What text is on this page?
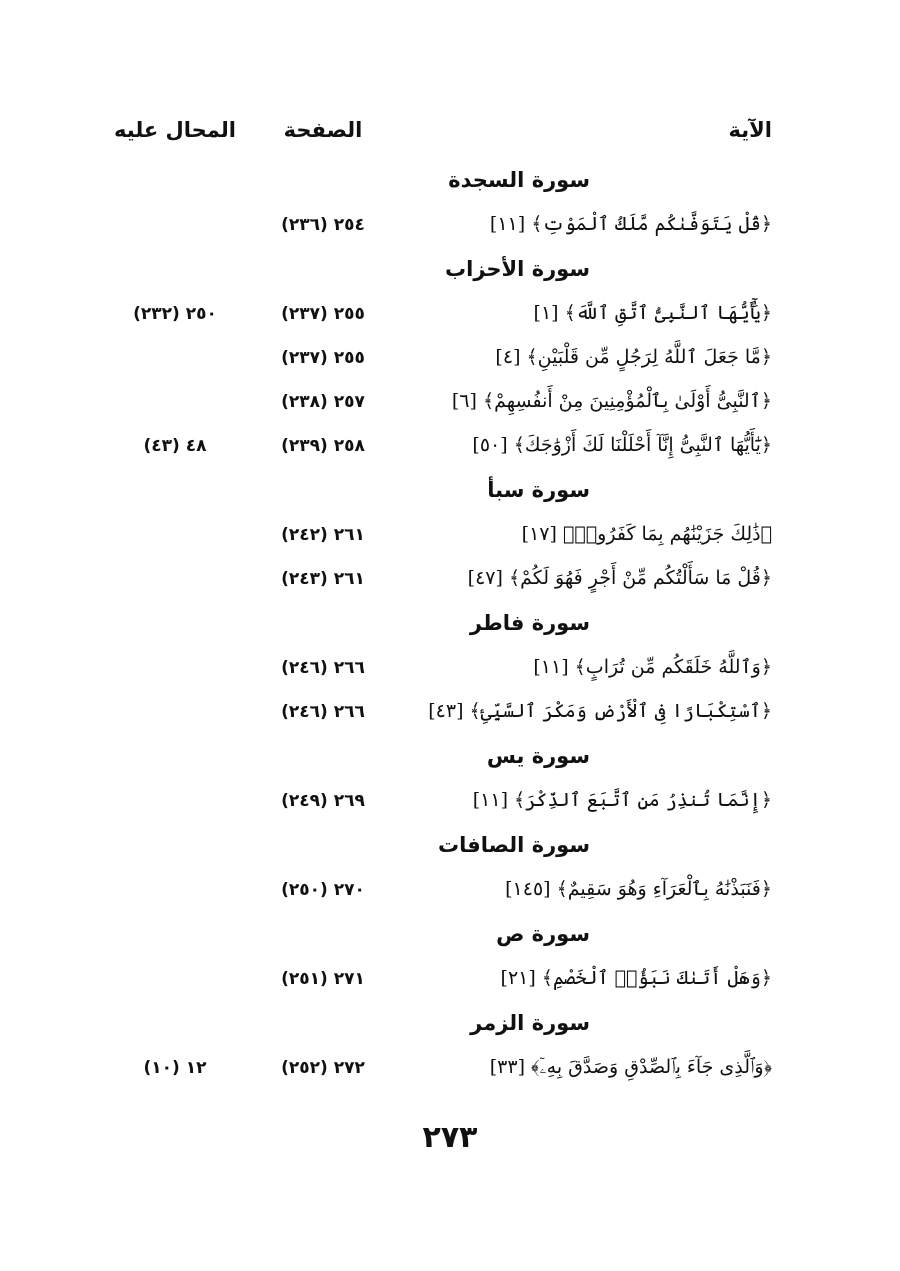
الآية
الصفحة
المحال عليه
سورة السجدة
﴿قُلْ يَتَوَفَّىٰكُم مَّلَكُ ٱلْمَوْتِ﴾ [١١]
٢٥٤ (٢٣٦)
سورة الأحزاب
﴿يَٰٓأَيُّهَا ٱلنَّبِىُّ ٱتَّقِ ٱللَّهَ﴾ [١]
٢٥٥ (٢٣٧)
٢٥٠ (٢٣٢)
﴿مَّا جَعَلَ ٱللَّهُ لِرَجُلٍ مِّن قَلْبَيْنِ﴾ [٤]
٢٥٥ (٢٣٧)
﴿ٱلنَّبِىُّ أَوْلَىٰ بِٱلْمُؤْمِنِينَ مِنْ أَنفُسِهِمْ﴾ [٦]
٢٥٧ (٢٣٨)
﴿يَٰٓأَيُّهَا ٱلنَّبِىُّ إِنَّآ أَحْلَلْنَا لَكَ أَزْوَٰجَكَ﴾ [٥٠]
٢٥٨ (٢٣٩)
٤٨ (٤٣)
سورة سبأ
﴿ذَٰلِكَ جَزَيْنَٰهُم بِمَا كَفَرُوا۟﴾ [١٧]
٢٦١ (٢٤٢)
﴿قُلْ مَا سَأَلْتُكُم مِّنْ أَجْرٍ فَهُوَ لَكُمْ﴾ [٤٧]
٢٦١ (٢٤٣)
سورة فاطر
﴿وَٱللَّهُ خَلَقَكُم مِّن تُرَابٍ﴾ [١١]
٢٦٦ (٢٤٦)
﴿ٱسْتِكْبَارًا فِى ٱلْأَرْضِ وَمَكْرَ ٱلسَّيِّئِ﴾ [٤٣]
٢٦٦ (٢٤٦)
سورة يس
﴿إِنَّمَا تُنذِرُ مَنِ ٱتَّبَعَ ٱلذِّكْرَ﴾ [١١]
٢٦٩ (٢٤٩)
سورة الصافات
﴿فَنَبَذْنَٰهُ بِٱلْعَرَآءِ وَهُوَ سَقِيمٌ﴾ [١٤٥]
٢٧٠ (٢٥٠)
سورة ص
﴿وَهَلْ أَتَىٰكَ نَبَؤُا۟ ٱلْخَصْمِ﴾ [٢١]
٢٧١ (٢٥١)
سورة الزمر
﴿وَٱلَّذِى جَآءَ بِٱلصِّدْقِ وَصَدَّقَ بِهِۦٓ﴾ [٣٣]
٢٧٢ (٢٥٢)
١٢ (١٠)
٢٧٣
